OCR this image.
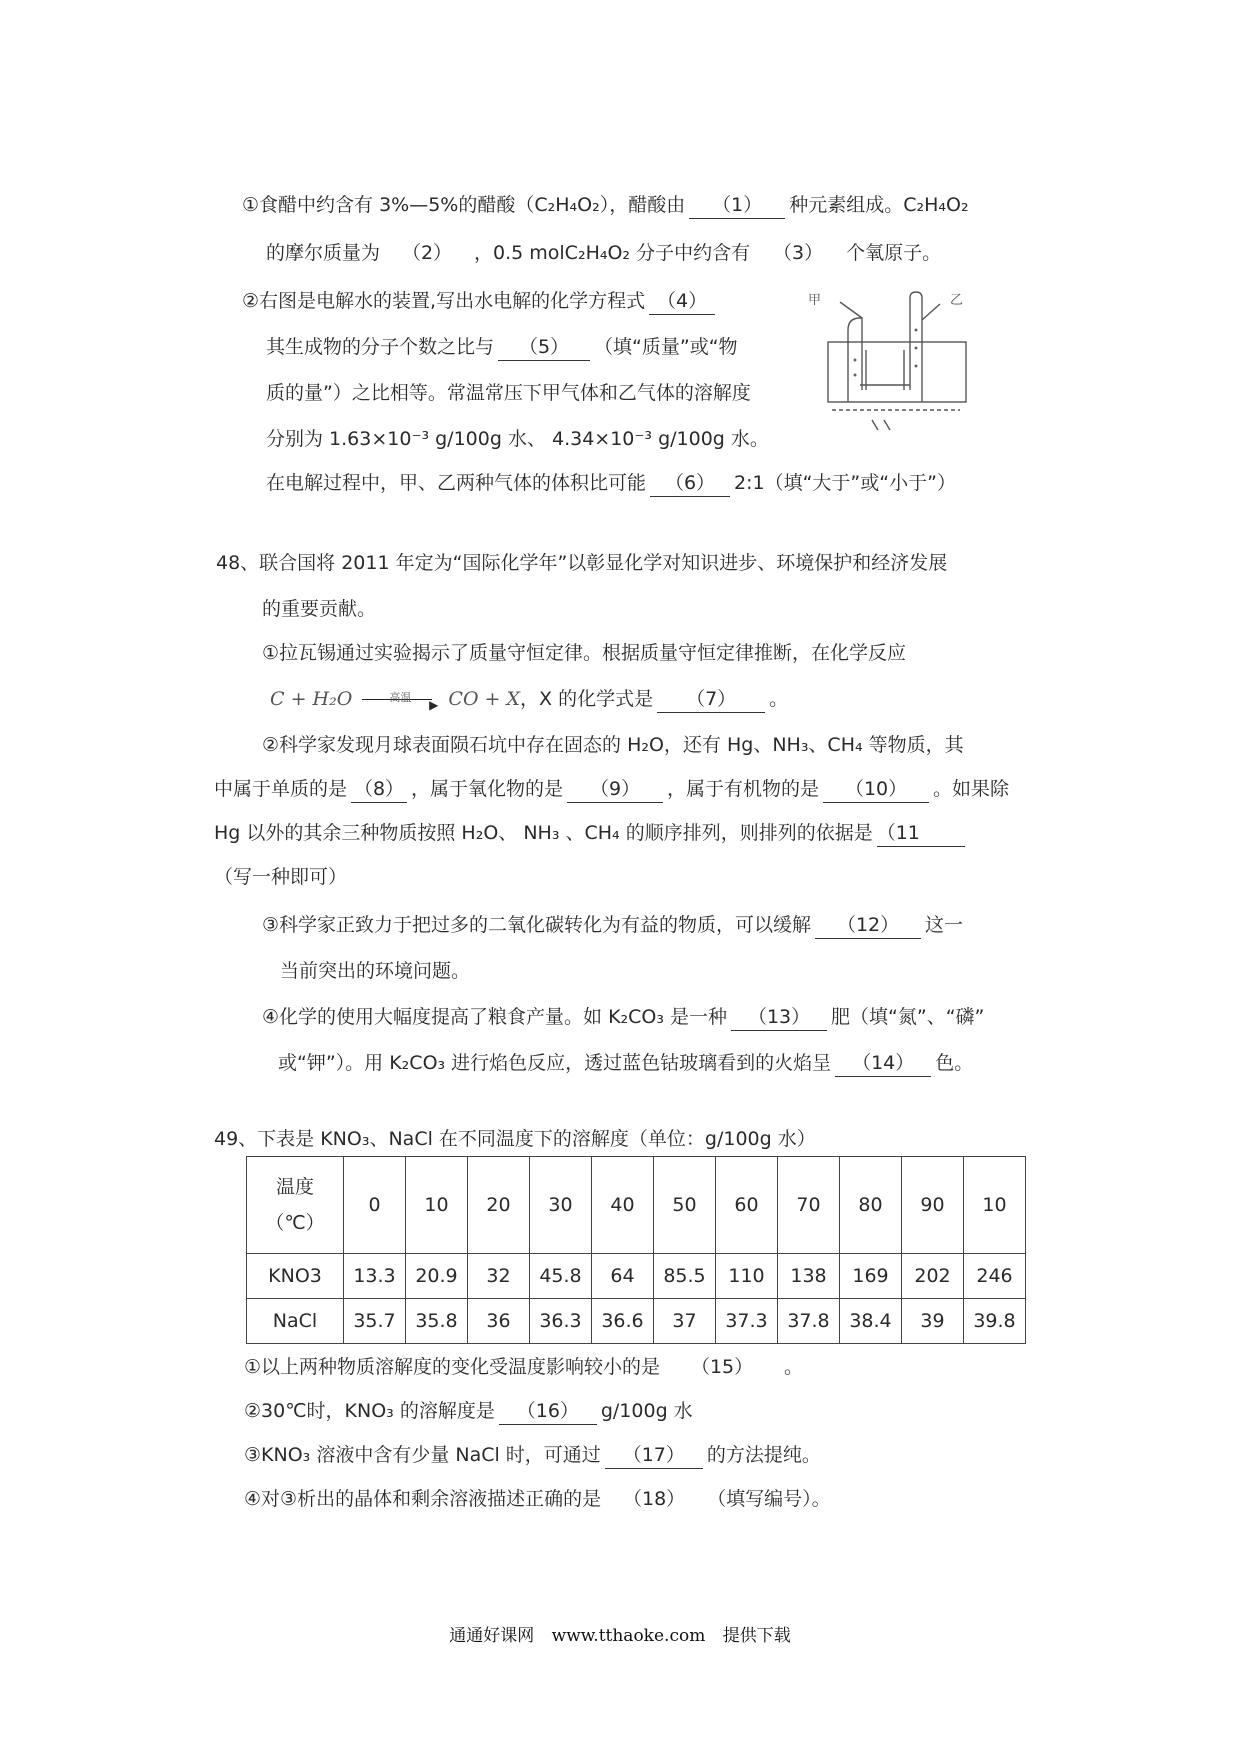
①食醋中约含有 3%—5%的醋酸（C₂H₄O₂），醋酸由 （1） 种元素组成。C₂H₄O₂
的摩尔质量为 （2） ，0.5 molC₂H₄O₂ 分子中约含有 （3） 个氧原子。
②右图是电解水的装置,写出水电解的化学方程式 （4）
其生成物的分子个数之比与 （5） （填“质量”或“物
质的量”）之比相等。常温常压下甲气体和乙气体的溶解度
分别为 1.63×10⁻³ g/100g 水、 4.34×10⁻³ g/100g 水。
在电解过程中，甲、乙两种气体的体积比可能 （6） 2:1（填“大于”或“小于”）
甲	乙
48、联合国将 2011 年定为“国际化学年”以彰显化学对知识进步、环境保护和经济发展
的重要贡献。
①拉瓦锡通过实验揭示了质量守恒定律。根据质量守恒定律推断，在化学反应
C + H₂O	高温
▶ CO + X，X 的化学式是 （7） 。
②科学家发现月球表面陨石坑中存在固态的 H₂O，还有 Hg、NH₃、CH₄ 等物质，其
中属于单质的是 （8） ，属于氧化物的是 （9） ，属于有机物的是 （10） 。如果除
Hg 以外的其余三种物质按照 H₂O、 NH₃ 、CH₄ 的顺序排列，则排列的依据是 （11
（写一种即可）
③科学家正致力于把过多的二氧化碳转化为有益的物质，可以缓解 （12） 这一
当前突出的环境问题。
④化学的使用大幅度提高了粮食产量。如 K₂CO₃ 是一种 （13） 肥（填“氮”、“磷”
或“钾”）。用 K₂CO₃ 进行焰色反应，透过蓝色钴玻璃看到的火焰呈 （14） 色。
49、下表是 KNO₃、NaCl 在不同温度下的溶解度（单位：g/100g 水）
温度
（℃）	0	10	20	30	40	50	60	70	80	90	10
KNO3	13.3	20.9	32	45.8	64	85.5	110	138	169	202	246
NaCl	35.7	35.8	36	36.3	36.6	37	37.3	37.8	38.4	39	39.8
①以上两种物质溶解度的变化受温度影响较小的是 （15） 。
②30℃时，KNO₃ 的溶解度是 （16） g/100g 水
③KNO₃ 溶液中含有少量 NaCl 时，可通过 （17） 的方法提纯。
④对③析出的晶体和剩余溶液描述正确的是 （18） （填写编号）。
通通好课网 www.tthaoke.com 提供下载
